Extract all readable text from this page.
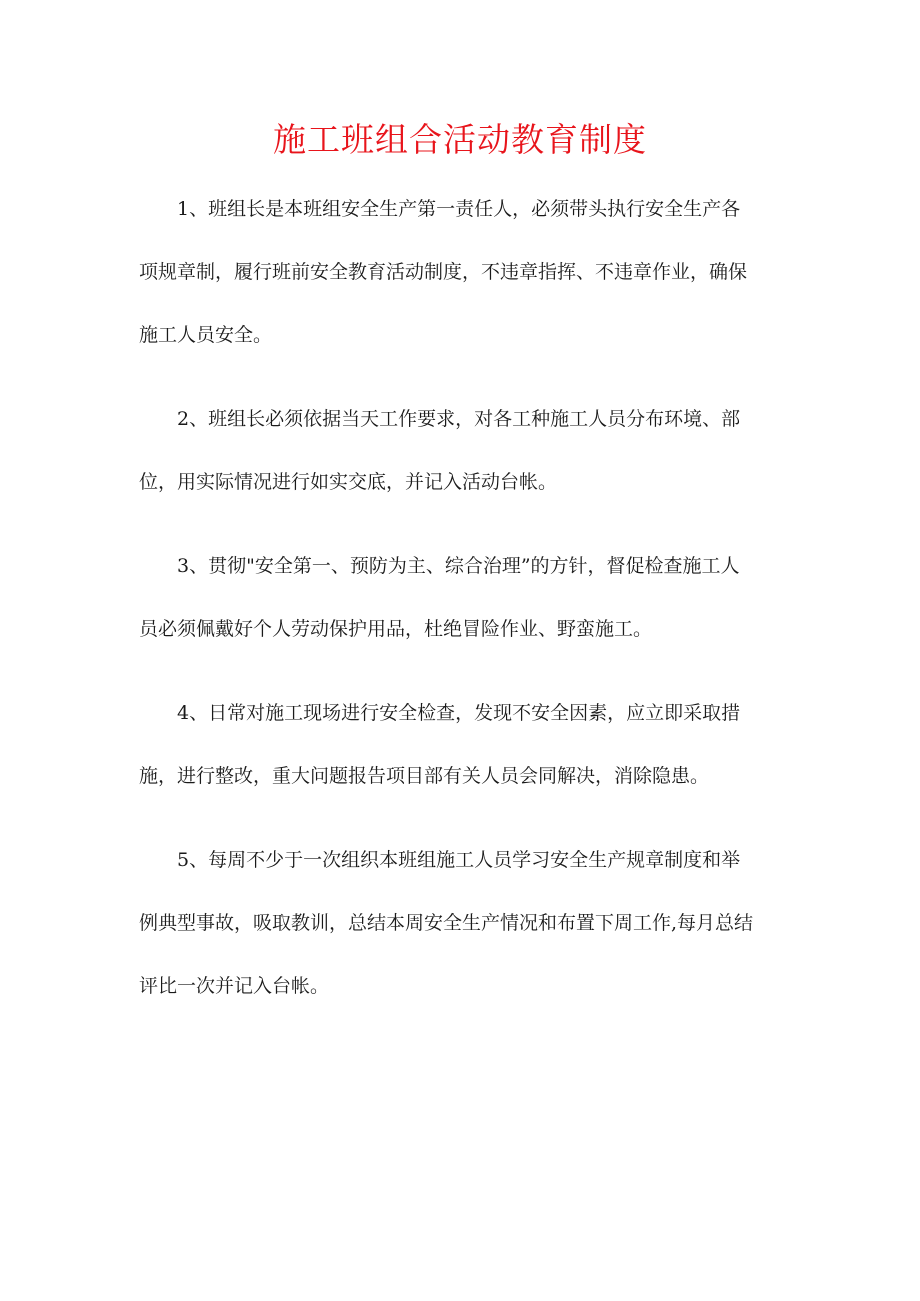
施工班组合活动教育制度

1、班组长是本班组安全生产第一责任人，必须带头执行安全生产各
项规章制，履行班前安全教育活动制度，不违章指挥、不违章作业，确保
施工人员安全。

2、班组长必须依据当天工作要求，对各工种施工人员分布环境、部
位，用实际情况进行如实交底，并记入活动台帐。

3、贯彻"安全第一、预防为主、综合治理”的方针，督促检查施工人
员必须佩戴好个人劳动保护用品，杜绝冒险作业、野蛮施工。

4、日常对施工现场进行安全检查，发现不安全因素，应立即采取措
施，进行整改，重大问题报告项目部有关人员会同解决，消除隐患。

5、每周不少于一次组织本班组施工人员学习安全生产规章制度和举
例典型事故，吸取教训，总结本周安全生产情况和布置下周工作,每月总结
评比一次并记入台帐。
